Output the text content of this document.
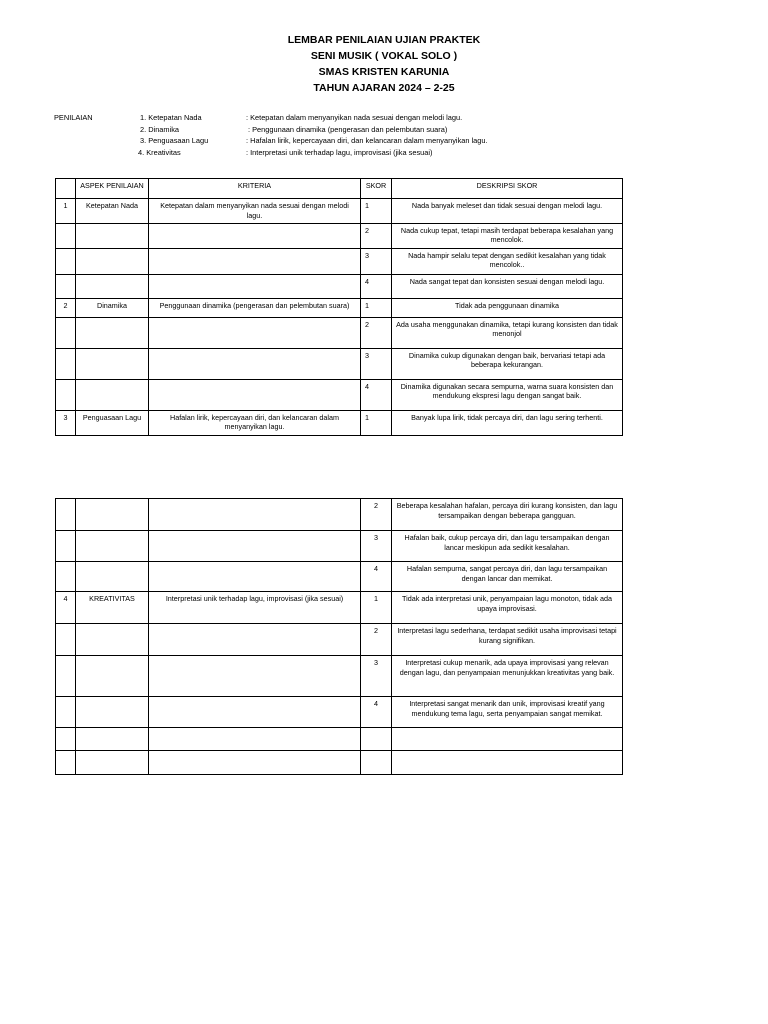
LEMBAR PENILAIAN UJIAN PRAKTEK
SENI MUSIK ( VOKAL SOLO )
SMAS KRISTEN KARUNIA
TAHUN AJARAN 2024 – 2-25
PENILAIAN	1. Ketepatan Nada	: Ketepatan dalam menyanyikan nada sesuai dengan melodi lagu.
2. Dinamika	: Penggunaan dinamika (pengerasan dan pelembutan suara)
3. Penguasaan Lagu	: Hafalan lirik, kepercayaan diri, dan kelancaran dalam menyanyikan lagu.
4. Kreativitas	: Interpretasi unik terhadap lagu, improvisasi (jika sesuai)
	ASPEK PENILAIAN	KRITERIA	SKOR	DESKRIPSI SKOR
1	Ketepatan Nada	Ketepatan dalam menyanyikan nada sesuai dengan melodi lagu.	1	Nada banyak meleset dan tidak sesuai dengan melodi lagu.
			2	Nada cukup tepat, tetapi masih terdapat beberapa kesalahan yang mencolok.
			3	Nada hampir selalu tepat dengan sedikit kesalahan yang tidak mencolok..
			4	Nada sangat tepat dan konsisten sesuai dengan melodi lagu.
2	Dinamika	Penggunaan dinamika (pengerasan dan pelembutan suara)	1	Tidak ada penggunaan dinamika
			2	Ada usaha menggunakan dinamika, tetapi kurang konsisten dan tidak menonjol
			3	Dinamika cukup digunakan dengan baik, bervariasi tetapi ada beberapa kekurangan.
			4	Dinamika digunakan secara sempurna, warna suara konsisten dan mendukung ekspresi lagu dengan sangat baik.
3	Penguasaan Lagu	Hafalan lirik, kepercayaan diri, dan kelancaran dalam menyanyikan lagu.	1	Banyak lupa lirik, tidak percaya diri, dan lagu sering terhenti.
			2	Beberapa kesalahan hafalan, percaya diri kurang konsisten, dan lagu tersampaikan dengan beberapa gangguan.
			3	Hafalan baik, cukup percaya diri, dan lagu tersampaikan dengan lancar meskipun ada sedikit kesalahan.
			4	Hafalan sempurna, sangat percaya diri, dan lagu tersampaikan dengan lancar dan memikat.
4	KREATIVITAS	Interpretasi unik terhadap lagu, improvisasi (jika sesuai)	1	Tidak ada interpretasi unik, penyampaian lagu monoton, tidak ada upaya improvisasi.
			2	Interpretasi lagu sederhana, terdapat sedikit usaha improvisasi tetapi kurang signifikan.
			3	Interpretasi cukup menarik, ada upaya improvisasi yang relevan dengan lagu, dan penyampaian menunjukkan kreativitas yang baik.
			4	Interpretasi sangat menarik dan unik, improvisasi kreatif yang mendukung tema lagu, serta penyampaian sangat memikat.
